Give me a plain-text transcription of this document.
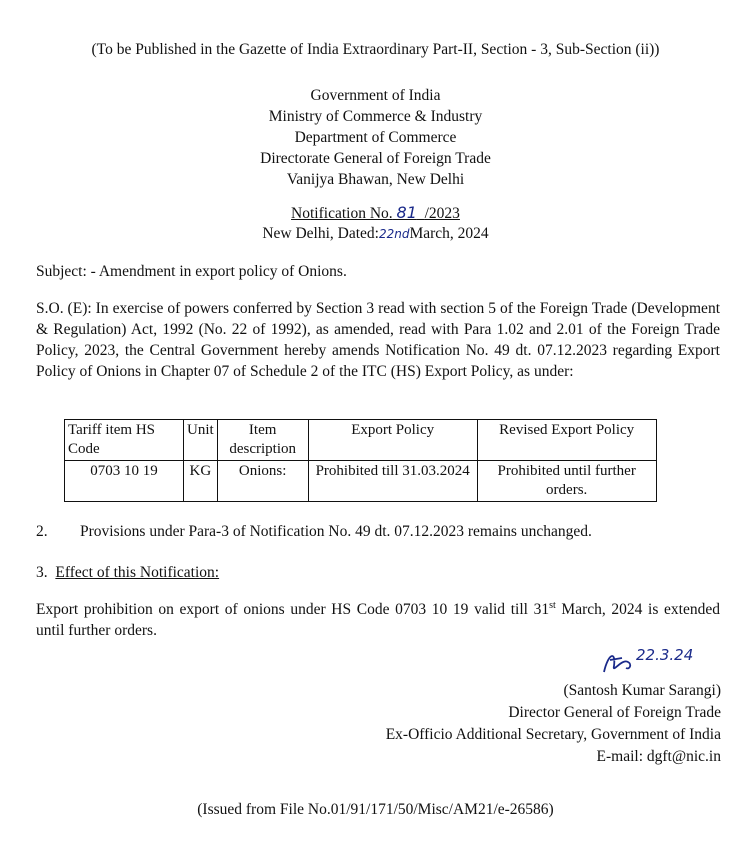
(To be Published in the Gazette of India Extraordinary Part-II, Section - 3, Sub-Section (ii))
Government of India
Ministry of Commerce & Industry
Department of Commerce
Directorate General of Foreign Trade
Vanijya Bhawan, New Delhi
Notification No. 81 /2023
New Delhi, Dated:22ndMarch, 2024
Subject: - Amendment in export policy of Onions.
S.O. (E): In exercise of powers conferred by Section 3 read with section 5 of the Foreign Trade (Development & Regulation) Act, 1992 (No. 22 of 1992), as amended, read with Para 1.02 and 2.01 of the Foreign Trade Policy, 2023, the Central Government hereby amends Notification No. 49 dt. 07.12.2023 regarding Export Policy of Onions in Chapter 07 of Schedule 2 of the ITC (HS) Export Policy, as under:
Tariff item HS Code	Unit	Item description	Export Policy	Revised Export Policy
0703 10 19	KG	Onions:	Prohibited till 31.03.2024	Prohibited until further orders.
2. Provisions under Para-3 of Notification No. 49 dt. 07.12.2023 remains unchanged.
3. Effect of this Notification:
Export prohibition on export of onions under HS Code 0703 10 19 valid till 31st March, 2024 is extended until further orders.
22.3.24
(Santosh Kumar Sarangi)
Director General of Foreign Trade
Ex-Officio Additional Secretary, Government of India
E-mail: dgft@nic.in
(Issued from File No.01/91/171/50/Misc/AM21/e-26586)
